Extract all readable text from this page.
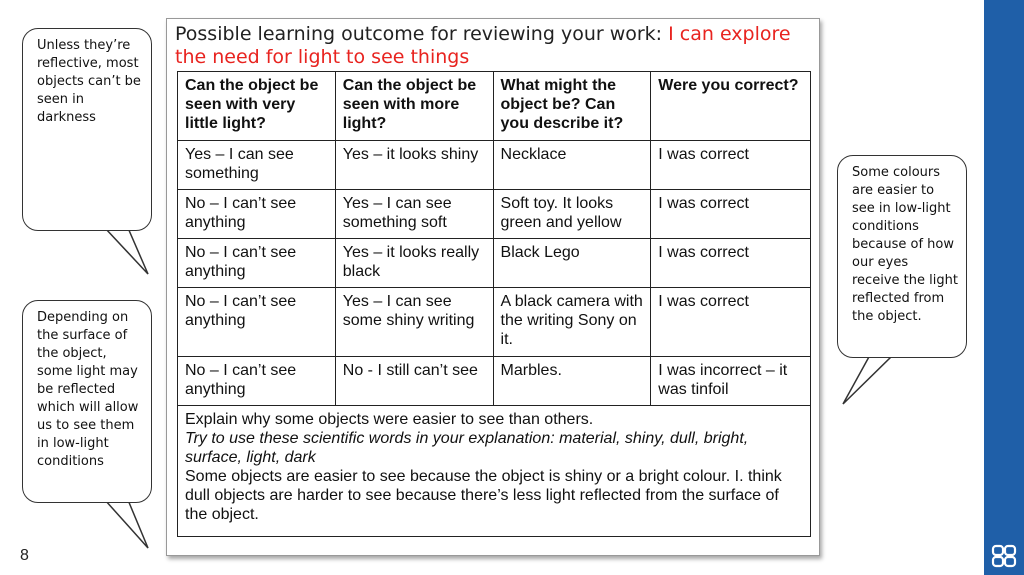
8
Unless they’re reflective, most objects can’t be seen in darkness
Depending on the surface of the object, some light may be reflected which will allow us to see them in low-light conditions
Some colours are easier to see in low-light conditions because of how our eyes receive the light reflected from the object.
Possible learning outcome for reviewing your work: I can explore the need for light to see things
Can the object be seen with very little light?	Can the object be seen with more light?	What might the object be? Can you describe it?	Were you correct?
Yes – I can see something	Yes – it looks shiny	Necklace	I was correct
No – I can’t see anything	Yes – I can see something soft	Soft toy. It looks green and yellow	I was correct
No – I can’t see anything	Yes – it looks really black	Black Lego	I was correct
No – I can’t see anything	Yes – I can see some shiny writing	A black camera with the writing Sony on it.	I was correct
No – I can’t see anything	No - I still can’t see	Marbles.	I was incorrect – it was tinfoil

Explain why some objects were easier to see than others.
Try to use these scientific words in your explanation: material, shiny, dull, bright, surface, light, dark
Some objects are easier to see because the object is shiny or a bright colour. I. think dull objects are harder to see because there’s less light reflected from the surface of the object.			
